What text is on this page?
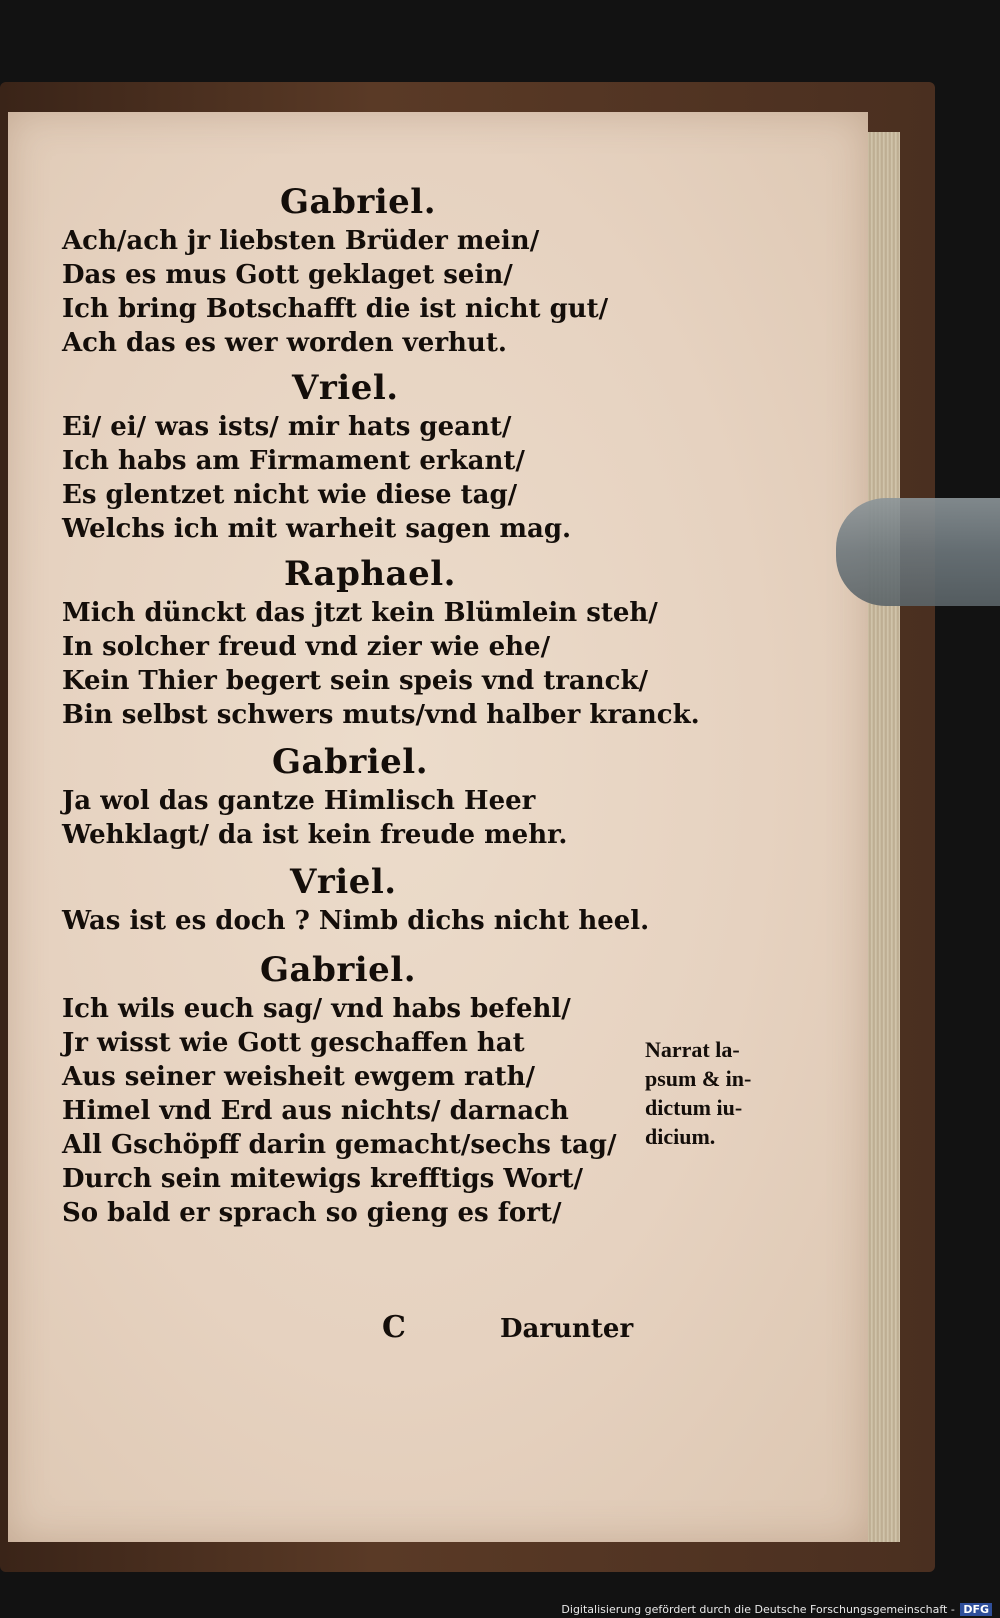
Gabriel.

Ach/ach jr liebsten Brüder mein/

Das es mus Gott geklaget sein/

Ich bring Botschafft die ist nicht gut/

Ach das es wer worden verhut.

Vriel.

Ei/ ei/ was ists/ mir hats geant/

Ich habs am Firmament erkant/

Es glentzet nicht wie diese tag/

Welchs ich mit warheit sagen mag.

Raphael.

Mich dünckt das jtzt kein Blümlein steh/

In solcher freud vnd zier wie ehe/

Kein Thier begert sein speis vnd tranck/

Bin selbst schwers muts/vnd halber kranck.

Gabriel.

Ja wol das gantze Himlisch Heer

Wehklagt/ da ist kein freude mehr.

Vriel.

Was ist es doch ? Nimb dichs nicht heel.

Gabriel.

Ich wils euch sag/ vnd habs befehl/

Jr wisst wie Gott geschaffen hat

Aus seiner weisheit ewgem rath/

Himel vnd Erd aus nichts/ darnach

All Gschöpff darin gemacht/sechs tag/

Durch sein mitewigs krefftigs Wort/

So bald er sprach so gieng es fort/

C	Darunter
Narrat la-
psum & in-
dictum iu-
dicium.
Digitalisierung gefördert durch die Deutsche Forschungsgemeinschaft - DFG
